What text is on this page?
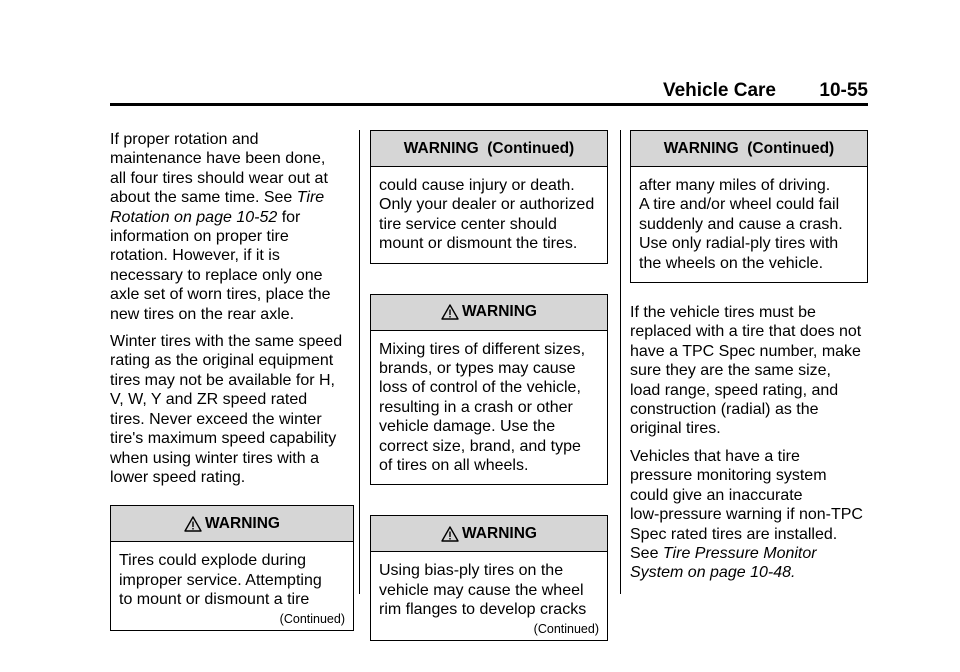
Vehicle Care 10-55

If proper rotation and
maintenance have been done,
all four tires should wear out at
about the same time. See Tire
Rotation on page 10-52 for
information on proper tire
rotation. However, if it is
necessary to replace only one
axle set of worn tires, place the
new tires on the rear axle.

Winter tires with the same speed
rating as the original equipment
tires may not be available for H,
V, W, Y and ZR speed rated
tires. Never exceed the winter
tire's maximum speed capability
when using winter tires with a
lower speed rating.

WARNING
Tires could explode during
improper service. Attempting
to mount or dismount a tire
(Continued)
WARNING  (Continued)
could cause injury or death.
Only your dealer or authorized
tire service center should
mount or dismount the tires.
WARNING
Mixing tires of different sizes,
brands, or types may cause
loss of control of the vehicle,
resulting in a crash or other
vehicle damage. Use the
correct size, brand, and type
of tires on all wheels.
WARNING
Using bias-ply tires on the
vehicle may cause the wheel
rim flanges to develop cracks
(Continued)
WARNING  (Continued)
after many miles of driving.
A tire and/or wheel could fail
suddenly and cause a crash.
Use only radial-ply tires with
the wheels on the vehicle.

If the vehicle tires must be
replaced with a tire that does not
have a TPC Spec number, make
sure they are the same size,
load range, speed rating, and
construction (radial) as the
original tires.

Vehicles that have a tire
pressure monitoring system
could give an inaccurate
low-pressure warning if non-TPC
Spec rated tires are installed.
See Tire Pressure Monitor
System on page 10-48.
